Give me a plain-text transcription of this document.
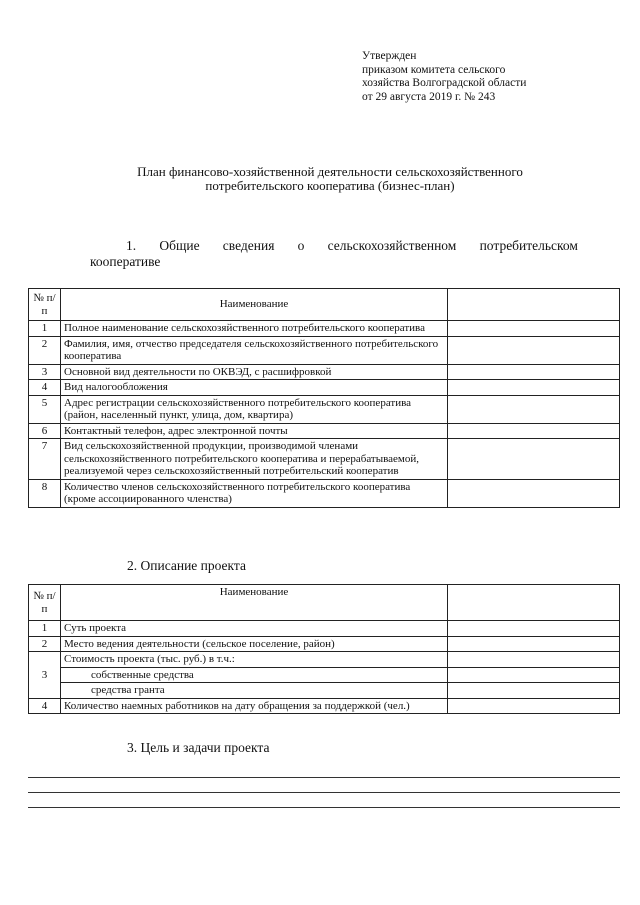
Утвержден
приказом комитета сельского
хозяйства Волгоградской области
от 29 августа 2019 г. № 243
План финансово-хозяйственной деятельности сельскохозяйственного
потребительского кооператива (бизнес-план)
1. Общие сведения о сельскохозяйственном потребительском
кооперативе
№ п/п	Наименование	
1	Полное наименование сельскохозяйственного потребительского кооператива	
2	Фамилия, имя, отчество председателя сельскохозяйственного потребительского кооператива	
3	Основной вид деятельности по ОКВЭД, с расшифровкой	
4	Вид налогообложения	
5	Адрес регистрации сельскохозяйственного потребительского кооператива (район, населенный пункт, улица, дом, квартира)	
6	Контактный телефон, адрес электронной почты	
7	Вид сельскохозяйственной продукции, производимой членами сельскохозяйственного потребительского кооператива и перерабатываемой, реализуемой через сельскохозяйственный потребительский кооператив	
8	Количество членов сельскохозяйственного потребительского кооператива (кроме ассоциированного членства)	
2. Описание проекта
№ п/п	Наименование	
1	Суть проекта	
2	Место ведения деятельности (сельское поселение, район)	
3	Стоимость проекта (тыс. руб.) в т.ч.:	
	собственные средства	
	средства гранта	
4	Количество наемных работников на дату обращения за поддержкой (чел.)	
3. Цель и задачи проекта
